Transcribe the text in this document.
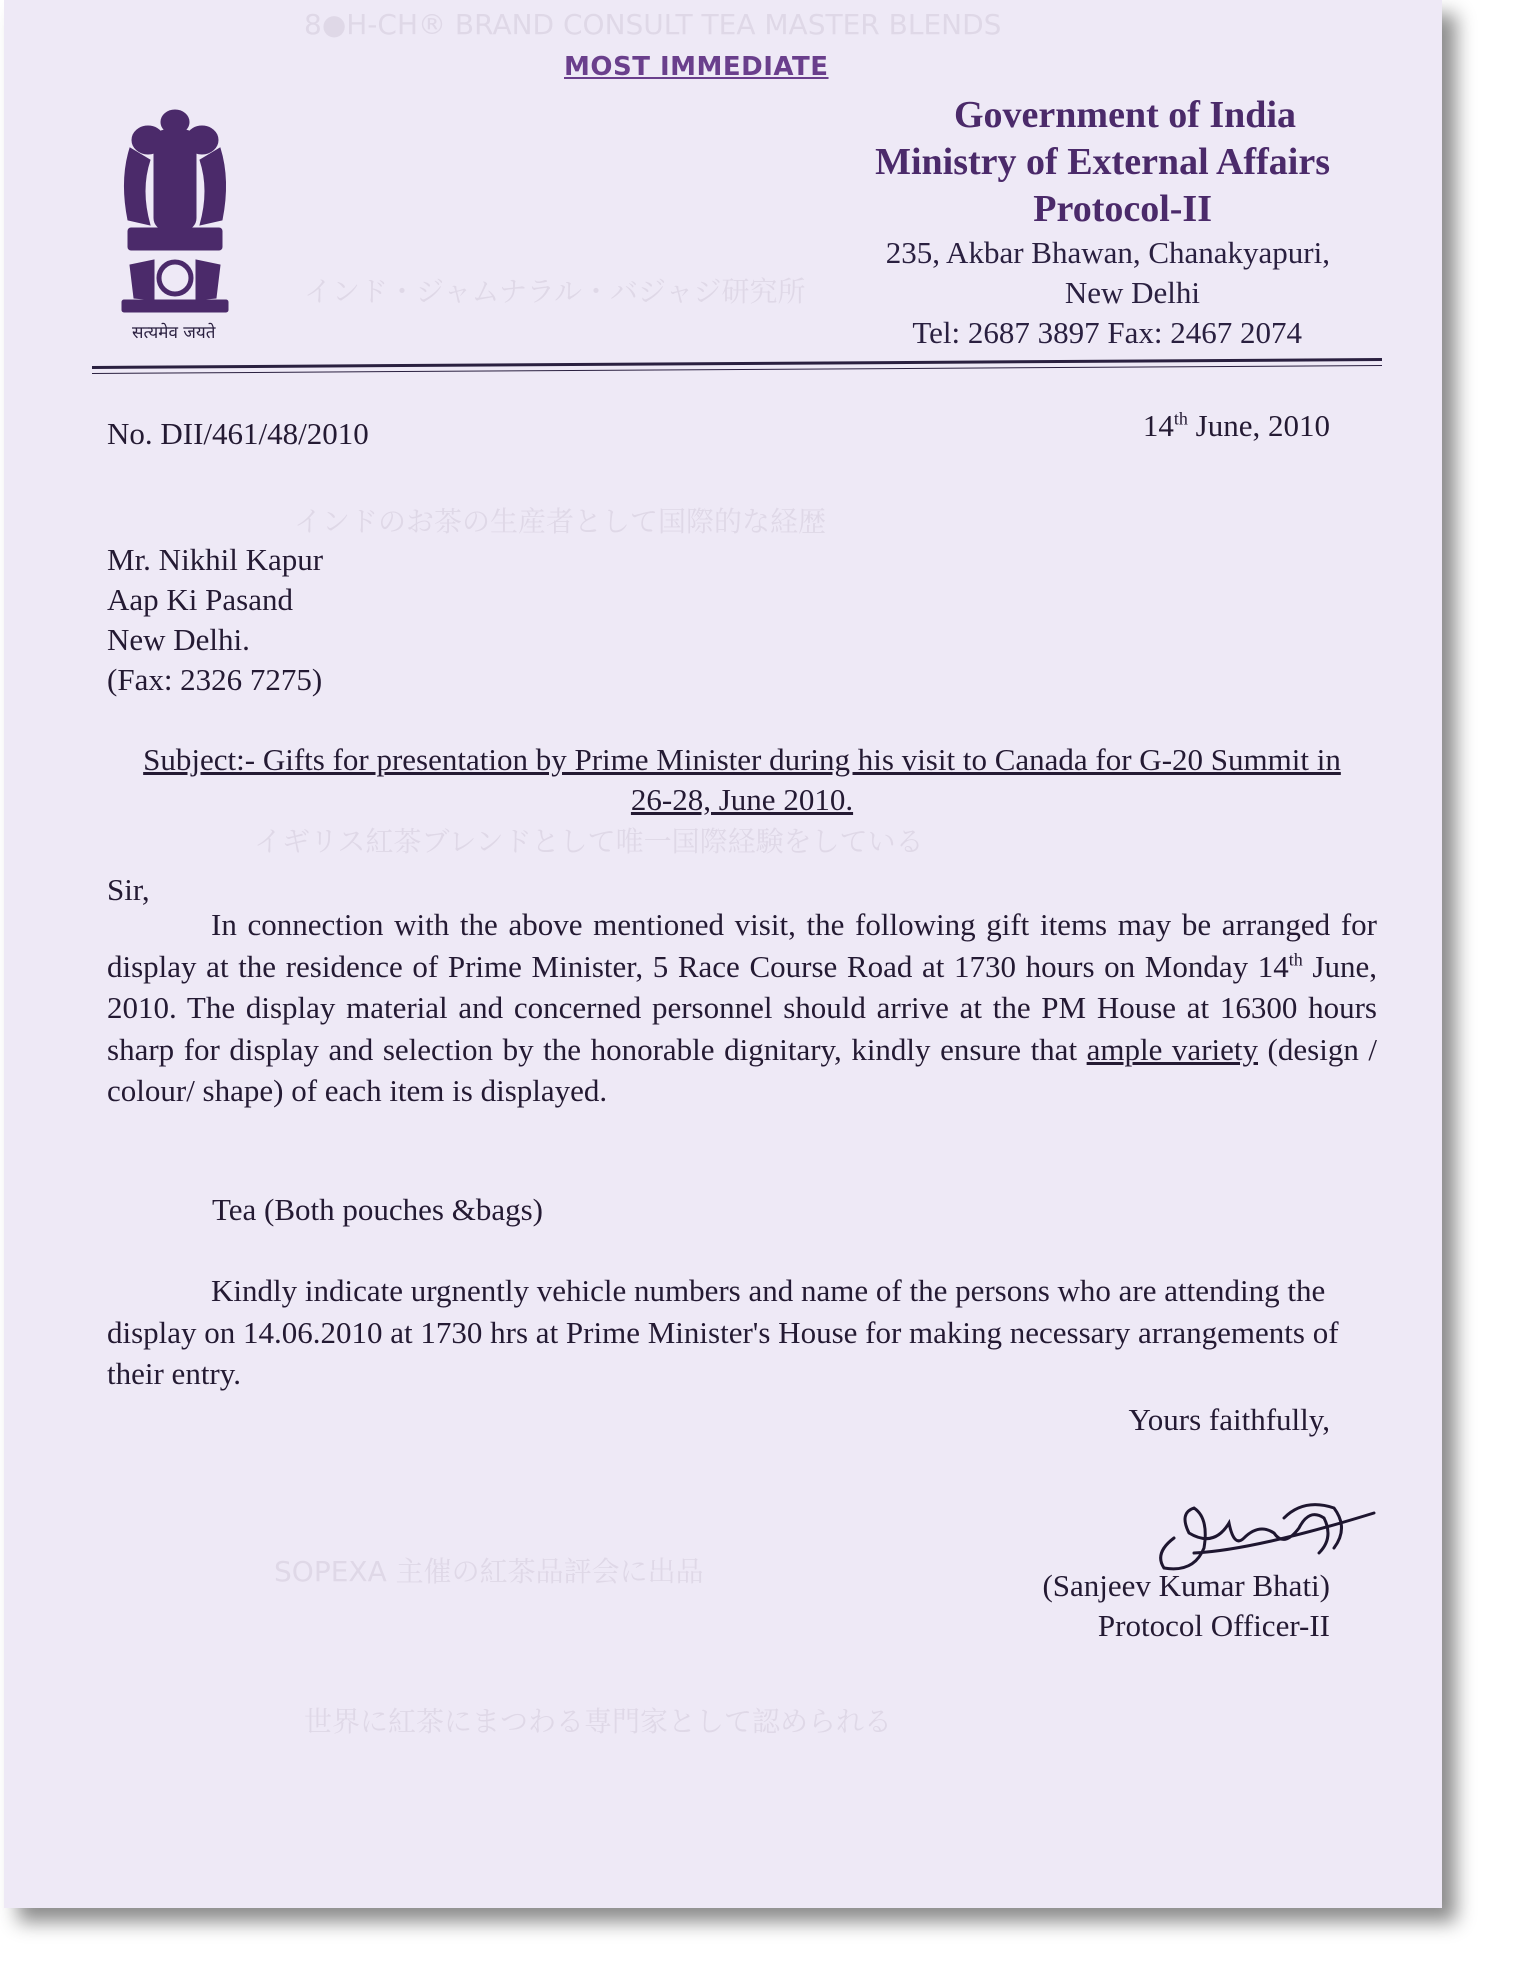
8●H-CH® BRAND CONSULT TEA MASTER BLENDS
インド・ジャムナラル・バジャジ研究所
インドのお茶の生産者として国際的な経歴
イギリス紅茶ブレンドとして唯一国際経験をしている
SOPEXA 主催の紅茶品評会に出品
世界に紅茶にまつわる専門家として認められる
MOST IMMEDIATE
सत्यमेव जयते
Government of India
Ministry of External Affairs
Protocol-II
235, Akbar Bhawan, Chanakyapuri,
New Delhi
Tel: 2687 3897 Fax: 2467 2074
No. DII/461/48/2010	14th June, 2010
Mr. Nikhil Kapur
Aap Ki Pasand
New Delhi.
(Fax: 2326 7275)
Subject:- Gifts for presentation by Prime Minister during his visit to Canada for G-20 Summit in 26-28, June 2010.
Sir,
In connection with the above mentioned visit, the following gift items may be arranged for display at the residence of Prime Minister, 5 Race Course Road at 1730 hours on Monday 14th June, 2010. The display material and concerned personnel should arrive at the PM House at 16300 hours sharp for display and selection by the honorable dignitary, kindly ensure that ample variety (design / colour/ shape) of each item is displayed.
Tea (Both pouches &bags)
Kindly indicate urgnently vehicle numbers and name of the persons who are attending the display on 14.06.2010 at 1730 hrs at Prime Minister's House for making necessary arrangements of their entry.
Yours faithfully,
(Sanjeev Kumar Bhati)
Protocol Officer-II
